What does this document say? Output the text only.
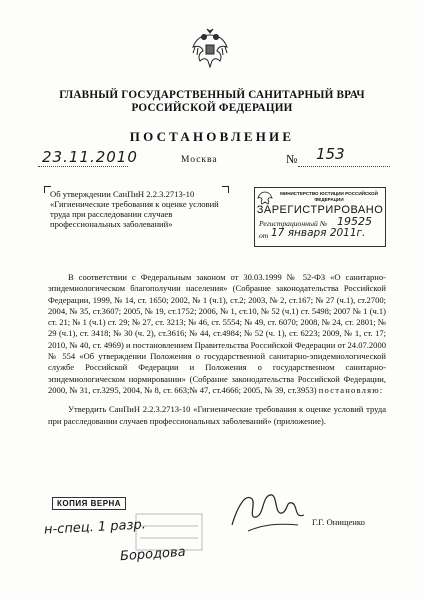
ГЛАВНЫЙ ГОСУДАРСТВЕННЫЙ САНИТАРНЫЙ ВРАЧ
РОССИЙСКОЙ ФЕДЕРАЦИИ
ПОСТАНОВЛЕНИЕ
23.11.2010	Москва	№ 153
Об утверждении СанПиН 2.2.3.2713-10 «Гигиенические требования к оценке условий труда при расследовании случаев профессиональных заболеваний»
МИНИСТЕРСТВО ЮСТИЦИИ РОССИЙСКОЙ ФЕДЕРАЦИИ
ЗАРЕГИСТРИРОВАНО
Регистрационный № 19525
от 17 января 2011г.

В соответствии с Федеральным законом от 30.03.1999 № 52-ФЗ «О санитарно-эпидемиологическом благополучии населения» (Собрание законодательства Российской Федерации, 1999, № 14, ст. 1650; 2002, № 1 (ч.1), ст.2; 2003, № 2, ст.167; № 27 (ч.1), ст.2700; 2004, № 35, ст.3607; 2005, № 19, ст.1752; 2006, № 1, ст.10, № 52 (ч.1) ст. 5498; 2007 № 1 (ч.1) ст. 21; № 1 (ч.1) ст. 29; № 27, ст. 3213; № 46, ст. 5554; № 49, ст. 6070; 2008, № 24, ст. 2801; № 29 (ч.1), ст. 3418; № 30 (ч. 2), ст.3616; № 44, ст.4984; № 52 (ч. 1), ст. 6223; 2009, № 1, ст. 17; 2010, № 40, ст. 4969) и постановлением Правительства Российской Федерации от 24.07.2000 № 554 «Об утверждении Положения о государственной санитарно-эпидемиологической службе Российской Федерации и Положения о государственном санитарно-эпидемиологическом нормировании» (Собрание законодательства Российской Федерации, 2000, № 31, ст.3295, 2004, № 8, ст. 663;№ 47, ст.4666; 2005, № 39, ст.3953) постановляю:

Утвердить СанПиН 2.2.3.2713-10 «Гигиенические требования к оценке условий труда при расследовании случаев профессиональных заболеваний» (приложение).

КОПИЯ ВЕРНА
Г.Г. Онищенко
н-спец. 1 разр.
Бородова
